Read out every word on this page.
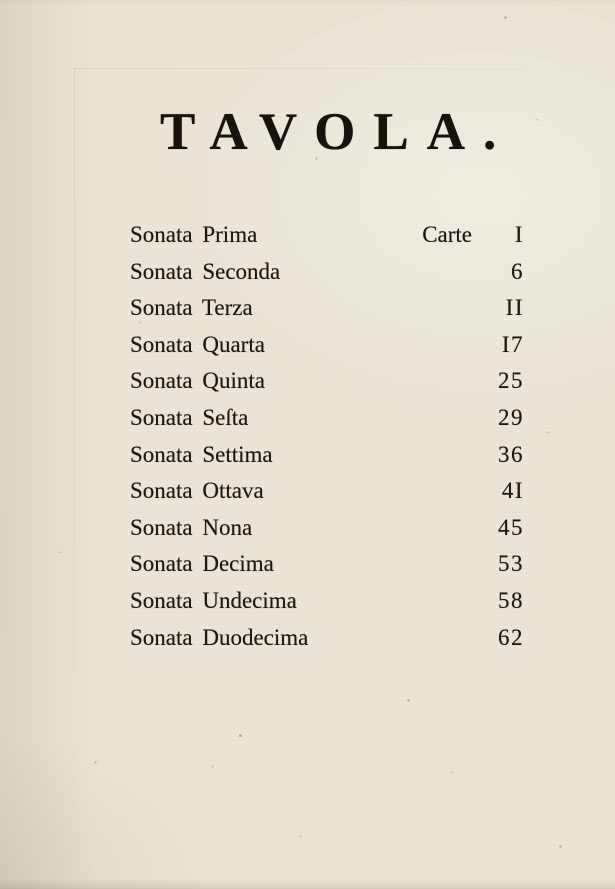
TAVOLA.
Sonata Prima	Carte	I
Sonata Seconda	6
Sonata Terza	II
Sonata Quarta	I7
Sonata Quinta	25
Sonata Seſta	29
Sonata Settima	36
Sonata Ottava	4I
Sonata Nona	45
Sonata Decima	53
Sonata Undecima	58
Sonata Duodecima	62
